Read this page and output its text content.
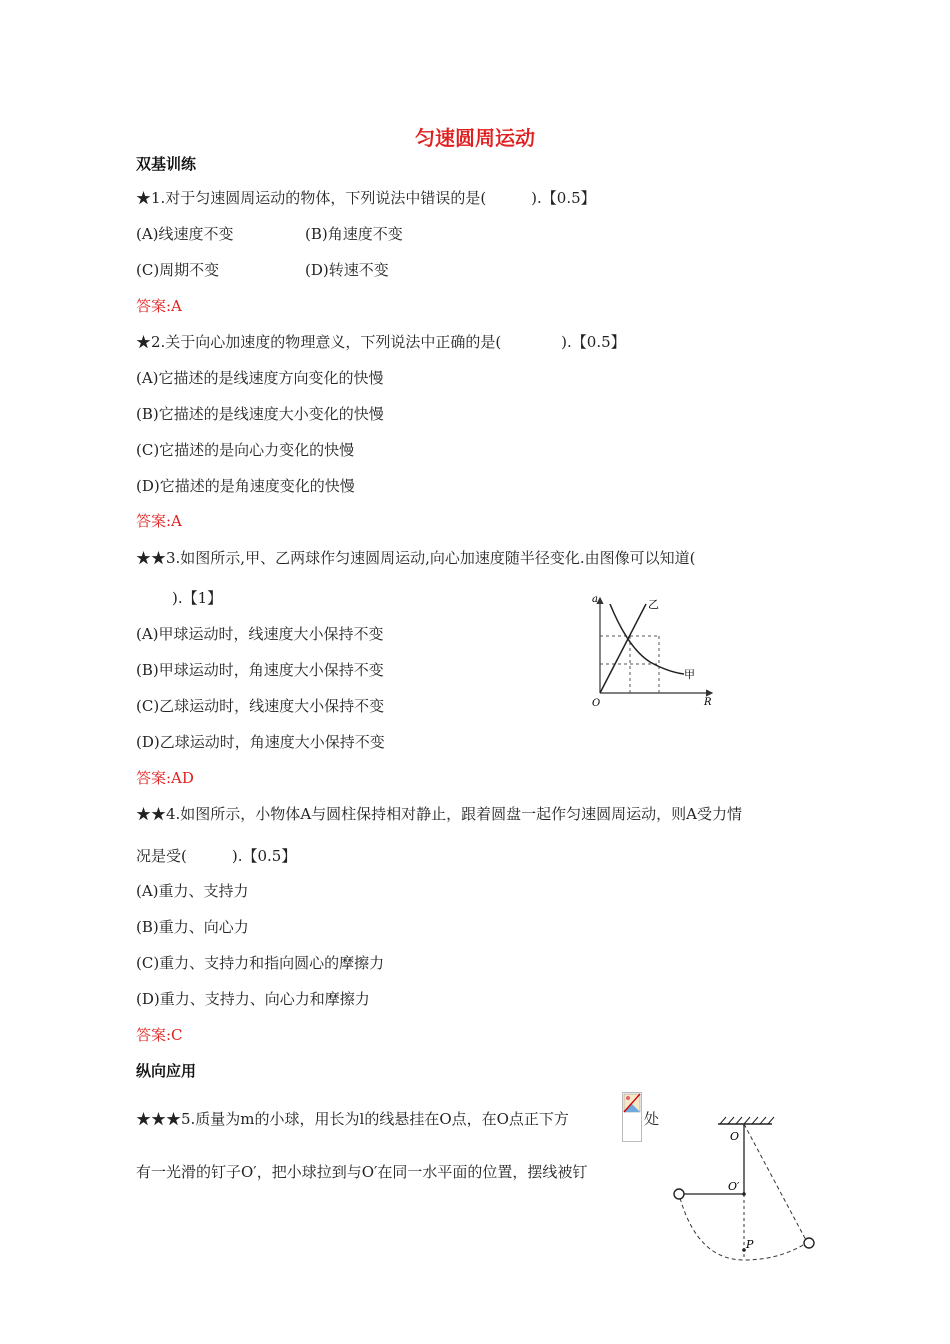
匀速圆周运动
双基训练
★1.对于匀速圆周运动的物体，下列说法中错误的是(　　　).【0.5】
(A)线速度不变	(B)角速度不变
(C)周期不变	(D)转速不变
答案:A
★2.关于向心加速度的物理意义，下列说法中正确的是(　　　　).【0.5】
(A)它描述的是线速度方向变化的快慢
(B)它描述的是线速度大小变化的快慢
(C)它描述的是向心力变化的快慢
(D)它描述的是角速度变化的快慢
答案:A
★★3.如图所示,甲、乙两球作匀速圆周运动,向心加速度随半径变化.由图像可以知道(
).【1】
(A)甲球运动时，线速度大小保持不变
(B)甲球运动时，角速度大小保持不变
(C)乙球运动时，线速度大小保持不变
(D)乙球运动时，角速度大小保持不变
答案:AD
a
R
O
乙
甲
★★4.如图所示，小物体A与圆柱保持相对静止，跟着圆盘一起作匀速圆周运动，则A受力情
况是受(　　　).【0.5】
(A)重力、支持力
(B)重力、向心力
(C)重力、支持力和指向圆心的摩擦力
(D)重力、支持力、向心力和摩擦力
答案:C
纵向应用
★★★5.质量为m的小球，用长为l的线悬挂在O点，在O点正下方	处
有一光滑的钉子O′，把小球拉到与O′在同一水平面的位置，摆线被钉
O
O′
P
